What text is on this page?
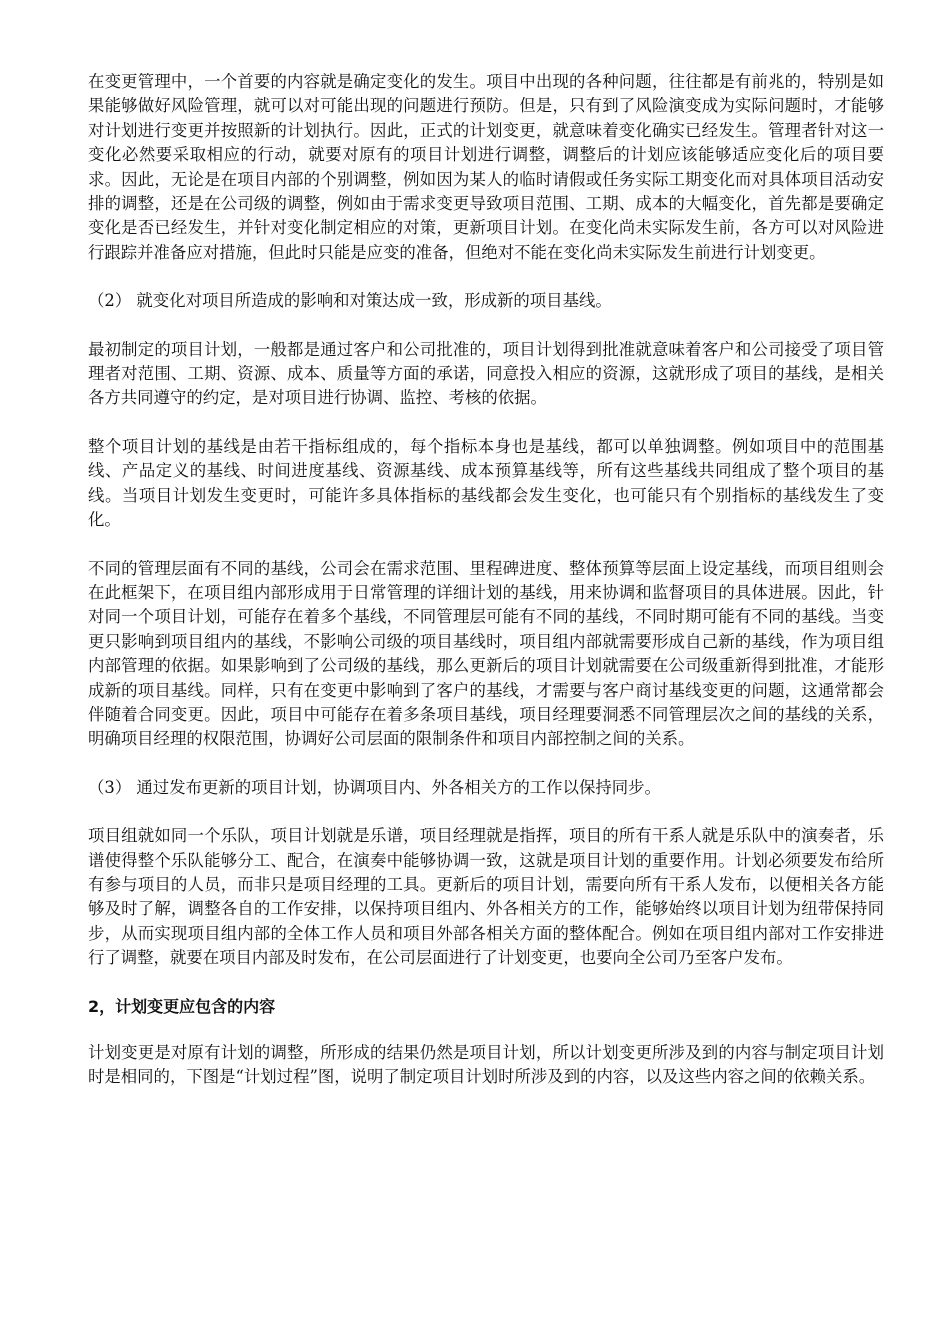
在变更管理中，一个首要的内容就是确定变化的发生。项目中出现的各种问题，往往都是有前兆的，特别是如果能够做好风险管理，就可以对可能出现的问题进行预防。但是，只有到了风险演变成为实际问题时，才能够对计划进行变更并按照新的计划执行。因此，正式的计划变更，就意味着变化确实已经发生。管理者针对这一变化必然要采取相应的行动，就要对原有的项目计划进行调整，调整后的计划应该能够适应变化后的项目要求。因此，无论是在项目内部的个别调整，例如因为某人的临时请假或任务实际工期变化而对具体项目活动安排的调整，还是在公司级的调整，例如由于需求变更导致项目范围、工期、成本的大幅变化，首先都是要确定变化是否已经发生，并针对变化制定相应的对策，更新项目计划。在变化尚未实际发生前，各方可以对风险进行跟踪并准备应对措施，但此时只能是应变的准备，但绝对不能在变化尚未实际发生前进行计划变更。

（2） 就变化对项目所造成的影响和对策达成一致，形成新的项目基线。

最初制定的项目计划，一般都是通过客户和公司批准的，项目计划得到批准就意味着客户和公司接受了项目管理者对范围、工期、资源、成本、质量等方面的承诺，同意投入相应的资源，这就形成了项目的基线，是相关各方共同遵守的约定，是对项目进行协调、监控、考核的依据。

整个项目计划的基线是由若干指标组成的，每个指标本身也是基线，都可以单独调整。例如项目中的范围基线、产品定义的基线、时间进度基线、资源基线、成本预算基线等，所有这些基线共同组成了整个项目的基线。当项目计划发生变更时，可能许多具体指标的基线都会发生变化，也可能只有个别指标的基线发生了变化。

不同的管理层面有不同的基线，公司会在需求范围、里程碑进度、整体预算等层面上设定基线，而项目组则会在此框架下，在项目组内部形成用于日常管理的详细计划的基线，用来协调和监督项目的具体进展。因此，针对同一个项目计划，可能存在着多个基线，不同管理层可能有不同的基线，不同时期可能有不同的基线。当变更只影响到项目组内的基线，不影响公司级的项目基线时，项目组内部就需要形成自己新的基线，作为项目组内部管理的依据。如果影响到了公司级的基线，那么更新后的项目计划就需要在公司级重新得到批准，才能形成新的项目基线。同样，只有在变更中影响到了客户的基线，才需要与客户商讨基线变更的问题，这通常都会伴随着合同变更。因此，项目中可能存在着多条项目基线，项目经理要洞悉不同管理层次之间的基线的关系，明确项目经理的权限范围，协调好公司层面的限制条件和项目内部控制之间的关系。

（3） 通过发布更新的项目计划，协调项目内、外各相关方的工作以保持同步。

项目组就如同一个乐队，项目计划就是乐谱，项目经理就是指挥，项目的所有干系人就是乐队中的演奏者，乐谱使得整个乐队能够分工、配合，在演奏中能够协调一致，这就是项目计划的重要作用。计划必须要发布给所有参与项目的人员，而非只是项目经理的工具。更新后的项目计划，需要向所有干系人发布，以便相关各方能够及时了解，调整各自的工作安排，以保持项目组内、外各相关方的工作，能够始终以项目计划为纽带保持同步，从而实现项目组内部的全体工作人员和项目外部各相关方面的整体配合。例如在项目组内部对工作安排进行了调整，就要在项目内部及时发布，在公司层面进行了计划变更，也要向全公司乃至客户发布。

2，计划变更应包含的内容

计划变更是对原有计划的调整，所形成的结果仍然是项目计划，所以计划变更所涉及到的内容与制定项目计划时是相同的，下图是“计划过程”图，说明了制定项目计划时所涉及到的内容，以及这些内容之间的依赖关系。
